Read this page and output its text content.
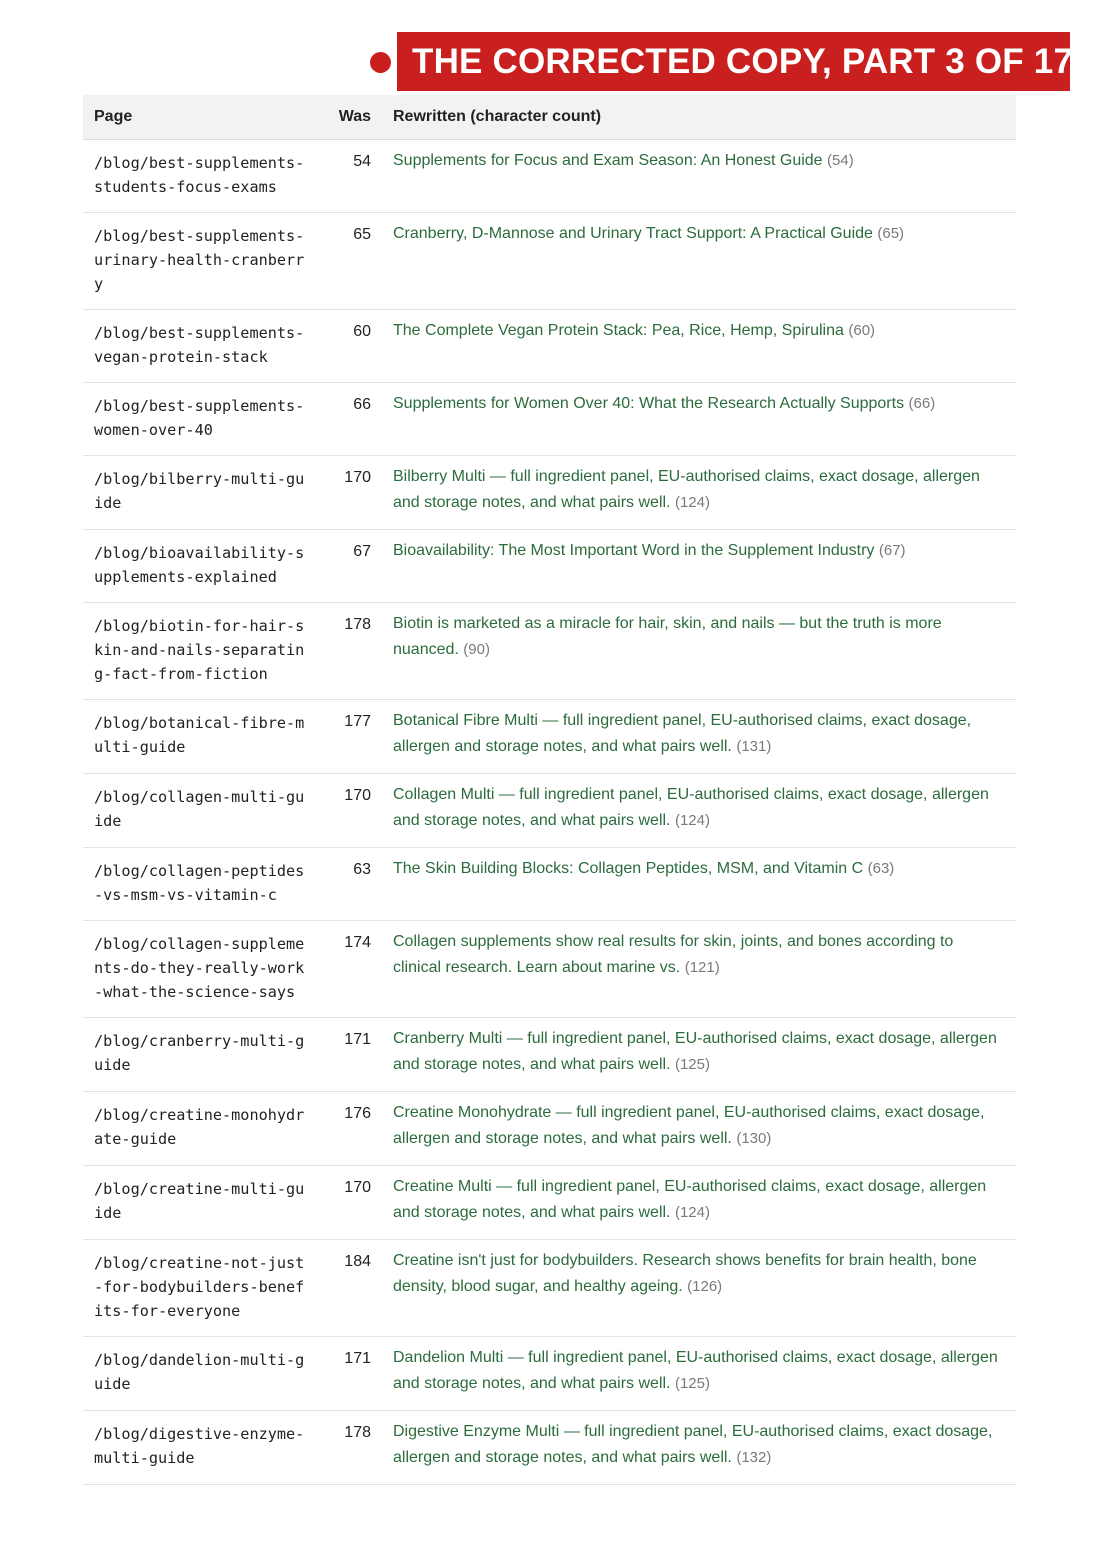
THE CORRECTED COPY, PART 3 OF 17
Page	Was	Rewritten (character count)
/blog/best-supplements-students-focus-exams	54	Supplements for Focus and Exam Season: An Honest Guide (54)
/blog/best-supplements-urinary-health-cranberry	65	Cranberry, D-Mannose and Urinary Tract Support: A Practical Guide (65)
/blog/best-supplements-vegan-protein-stack	60	The Complete Vegan Protein Stack: Pea, Rice, Hemp, Spirulina (60)
/blog/best-supplements-women-over-40	66	Supplements for Women Over 40: What the Research Actually Supports (66)
/blog/bilberry-multi-guide	170	Bilberry Multi — full ingredient panel, EU-authorised claims, exact dosage, allergen and storage notes, and what pairs well. (124)
/blog/bioavailability-supplements-explained	67	Bioavailability: The Most Important Word in the Supplement Industry (67)
/blog/biotin-for-hair-skin-and-nails-separating-fact-from-fiction	178	Biotin is marketed as a miracle for hair, skin, and nails — but the truth is more nuanced. (90)
/blog/botanical-fibre-multi-guide	177	Botanical Fibre Multi — full ingredient panel, EU-authorised claims, exact dosage, allergen and storage notes, and what pairs well. (131)
/blog/collagen-multi-guide	170	Collagen Multi — full ingredient panel, EU-authorised claims, exact dosage, allergen and storage notes, and what pairs well. (124)
/blog/collagen-peptides-vs-msm-vs-vitamin-c	63	The Skin Building Blocks: Collagen Peptides, MSM, and Vitamin C (63)
/blog/collagen-supplements-do-they-really-work-what-the-science-says	174	Collagen supplements show real results for skin, joints, and bones according to clinical research. Learn about marine vs. (121)
/blog/cranberry-multi-guide	171	Cranberry Multi — full ingredient panel, EU-authorised claims, exact dosage, allergen and storage notes, and what pairs well. (125)
/blog/creatine-monohydrate-guide	176	Creatine Monohydrate — full ingredient panel, EU-authorised claims, exact dosage, allergen and storage notes, and what pairs well. (130)
/blog/creatine-multi-guide	170	Creatine Multi — full ingredient panel, EU-authorised claims, exact dosage, allergen and storage notes, and what pairs well. (124)
/blog/creatine-not-just-for-bodybuilders-benefits-for-everyone	184	Creatine isn't just for bodybuilders. Research shows benefits for brain health, bone density, blood sugar, and healthy ageing. (126)
/blog/dandelion-multi-guide	171	Dandelion Multi — full ingredient panel, EU-authorised claims, exact dosage, allergen and storage notes, and what pairs well. (125)
/blog/digestive-enzyme-multi-guide	178	Digestive Enzyme Multi — full ingredient panel, EU-authorised claims, exact dosage, allergen and storage notes, and what pairs well. (132)
